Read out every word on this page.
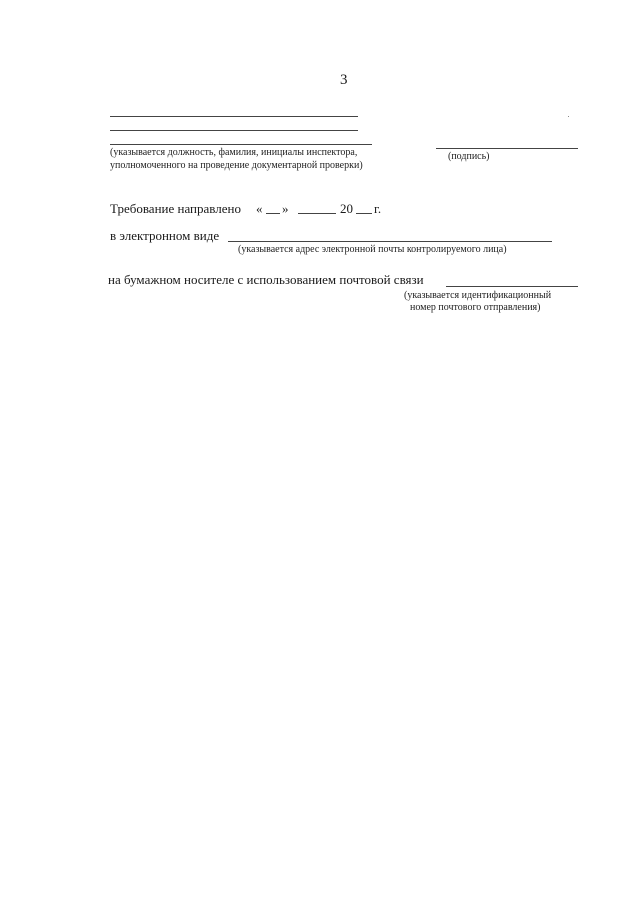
3
(указывается должность, фамилия, инициалы инспектора,
уполномоченного на проведение документарной проверки)
(подпись)
Требование направлено « »	20 г.
в электронном виде
(указывается адрес электронной почты контролируемого лица)
на бумажном носителе с использованием почтовой связи
(указывается идентификационный
номер почтового отправления)
